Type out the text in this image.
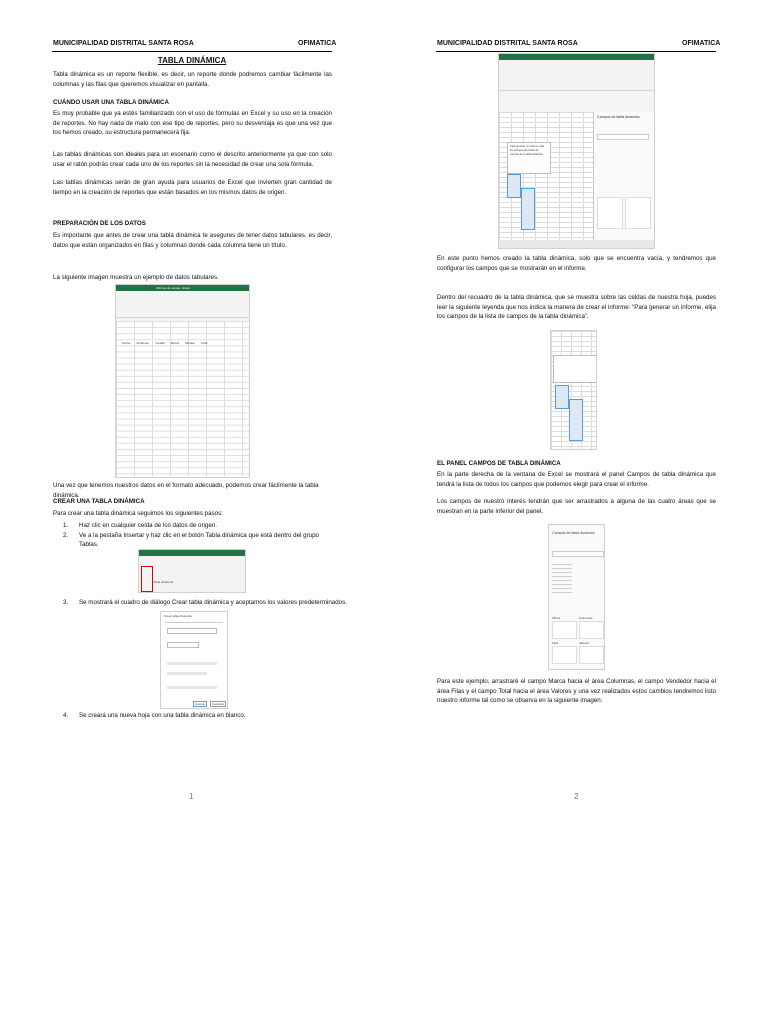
MUNICIPALIDAD DISTRITAL SANTA ROSA	OFIMATICA
TABLA DINÁMICA

Tabla dinámica es un reporte flexible, es decir, un reporte donde podremos cambiar fácilmente las columnas y las filas que queremos visualizar en pantalla.

CUÁNDO USAR UNA TABLA DINÁMICA

Es muy probable que ya estés familiarizado con el uso de fórmulas en Excel y su uso en la creación de reportes. No hay nada de malo con ese tipo de reportes, pero su desventaja es que una vez que los hemos creado, su estructura permanecerá fija.

Las tablas dinámicas son ideales para un escenario como el descrito anteriormente ya que con solo usar el ratón podrás crear cada uno de los reportes sin la necesidad de crear una sola fórmula.

Las tablas dinámicas serán de gran ayuda para usuarios de Excel que invierten gran cantidad de tiempo en la creación de reportes que están basados en los mismos datos de origen.

PREPARACIÓN DE LOS DATOS

Es importante que antes de crear una tabla dinámica te asegures de tener datos tabulares, es decir, datos que están organizados en filas y columnas donde cada columna tiene un título.

La siguiente imagen muestra un ejemplo de datos tabulares.

Informe de ventas - Excel
Fecha Vendedor Ciudad Marca Modelo Total

Una vez que tenemos nuestros datos en el formato adecuado, podemos crear fácilmente la tabla dinámica.

CREAR UNA TABLA DINÁMICA

Para crear una tabla dinámica seguimos los siguientes pasos:

1. Haz clic en cualquier celda de los datos de origen.
2. Ve a la pestaña Insertar y haz clic en el botón Tabla dinámica que está dentro del grupo Tablas.
Tabla dinámica
3. Se mostrará el cuadro de diálogo Crear tabla dinámica y aceptamos los valores predeterminados.
Crear tabla dinámica
Aceptar	Cancelar
4. Se creará una nueva hoja con una tabla dinámica en blanco.
1
MUNICIPALIDAD DISTRITAL SANTA ROSA	OFIMATICA
Para generar un informe, elija los campos de la lista de campos de la tabla dinámica
Campos de tabla dinámica

En este punto hemos creado la tabla dinámica, solo que se encuentra vacía, y tendremos que configurar los campos que se mostrarán en el informe.

Dentro del recuadro de la tabla dinámica, que se muestra sobre las celdas de nuestra hoja, puedes leer la siguiente leyenda que nos indica la manera de crear el informe: “Para generar un informe, elija los campos de la lista de campos de la tabla dinámica”.

EL PANEL CAMPOS DE TABLA DINÁMICA

En la parte derecha de la ventana de Excel se mostrará el panel Campos de tabla dinámica que tendrá la lista de todos los campos que podemos elegir para crear el informe.

Los campos de nuestro interés tendrán que ser arrastrados a alguna de las cuatro áreas que se muestran en la parte inferior del panel.

Campos de tabla dinámica
Filtros	Columnas
Filas	Valores

Para este ejemplo, arrastraré el campo Marca hacia el área Columnas, el campo Vendedor hacia el área Filas y el campo Total hacia el área Valores y una vez realizados estos cambios tendremos listo nuestro informe tal como se observa en la siguiente imagen:

2
